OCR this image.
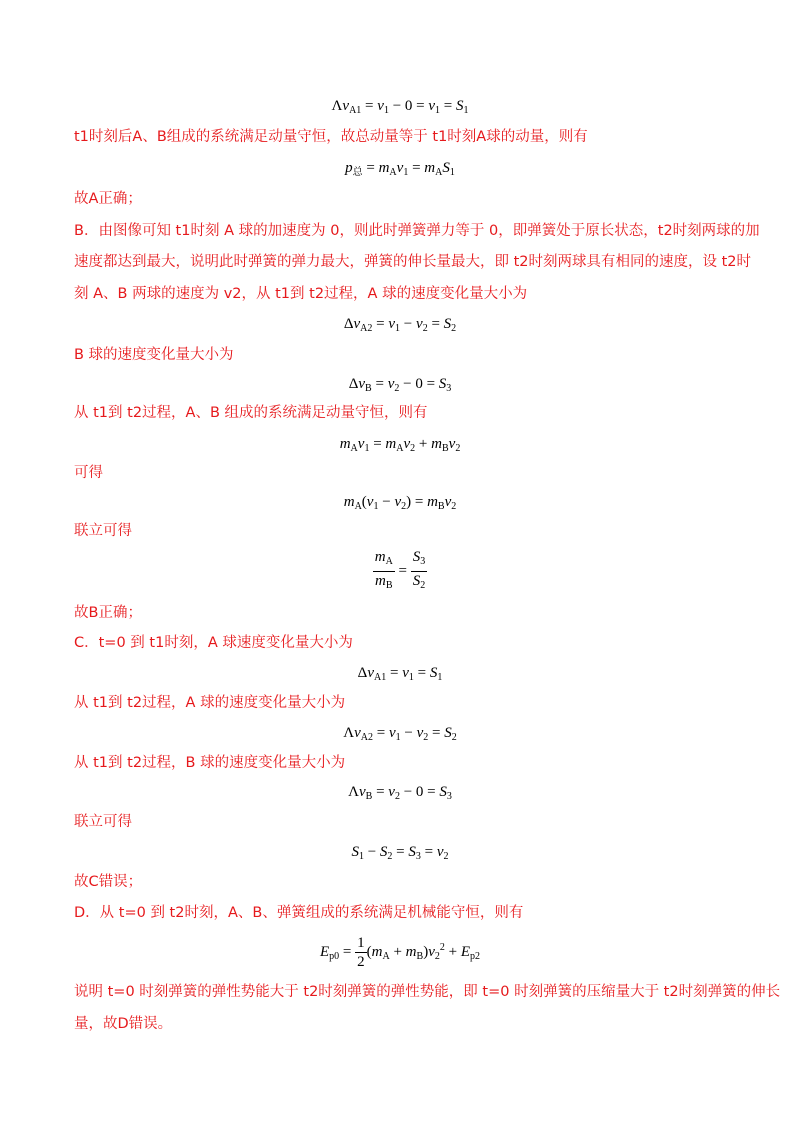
$\Lambda v_{A1} = v_1 - 0 = v_1 = S_1$
t1时刻后A、B组成的系统满足动量守恒，故总动量等于 t1时刻A球的动量，则有
$p_总 = m_Av_1 = m_AS_1$
故A正确；
B．由图像可知 t1时刻 A 球的加速度为 0，则此时弹簧弹力等于 0，即弹簧处于原长状态，t2时刻两球的加
速度都达到最大，说明此时弹簧的弹力最大，弹簧的伸长量最大，即 t2时刻两球具有相同的速度，设 t2时
刻 A、B 两球的速度为 v2，从 t1到 t2过程，A 球的速度变化量大小为
$\Delta v_{A2} = v_1 - v_2 = S_2$
B 球的速度变化量大小为
$\Delta v_B = v_2 - 0 = S_3$
从 t1到 t2过程，A、B 组成的系统满足动量守恒，则有
$m_Av_1 = m_Av_2 + m_Bv_2$
可得
$m_A(v_1 - v_2) = m_Bv_2$
联立可得
$\frac{m_A}{m_B} = \frac{S_3}{S_2}$
故B正确；
C．t=0 到 t1时刻，A 球速度变化量大小为
$\Delta v_{A1} = v_1 = S_1$
从 t1到 t2过程，A 球的速度变化量大小为
$\Lambda v_{A2} = v_1 - v_2 = S_2$
从 t1到 t2过程，B 球的速度变化量大小为
$\Lambda v_B = v_2 - 0 = S_3$
联立可得
$S_1 - S_2 = S_3 = v_2$
故C错误；
D．从 t=0 到 t2时刻，A、B、弹簧组成的系统满足机械能守恒，则有
$E_{p0} = \frac{1}{2} (m_A + m_B)v_2^2 + E_{p2}$
说明 t=0 时刻弹簧的弹性势能大于 t2时刻弹簧的弹性势能，即 t=0 时刻弹簧的压缩量大于 t2时刻弹簧的伸长
量，故D错误。
